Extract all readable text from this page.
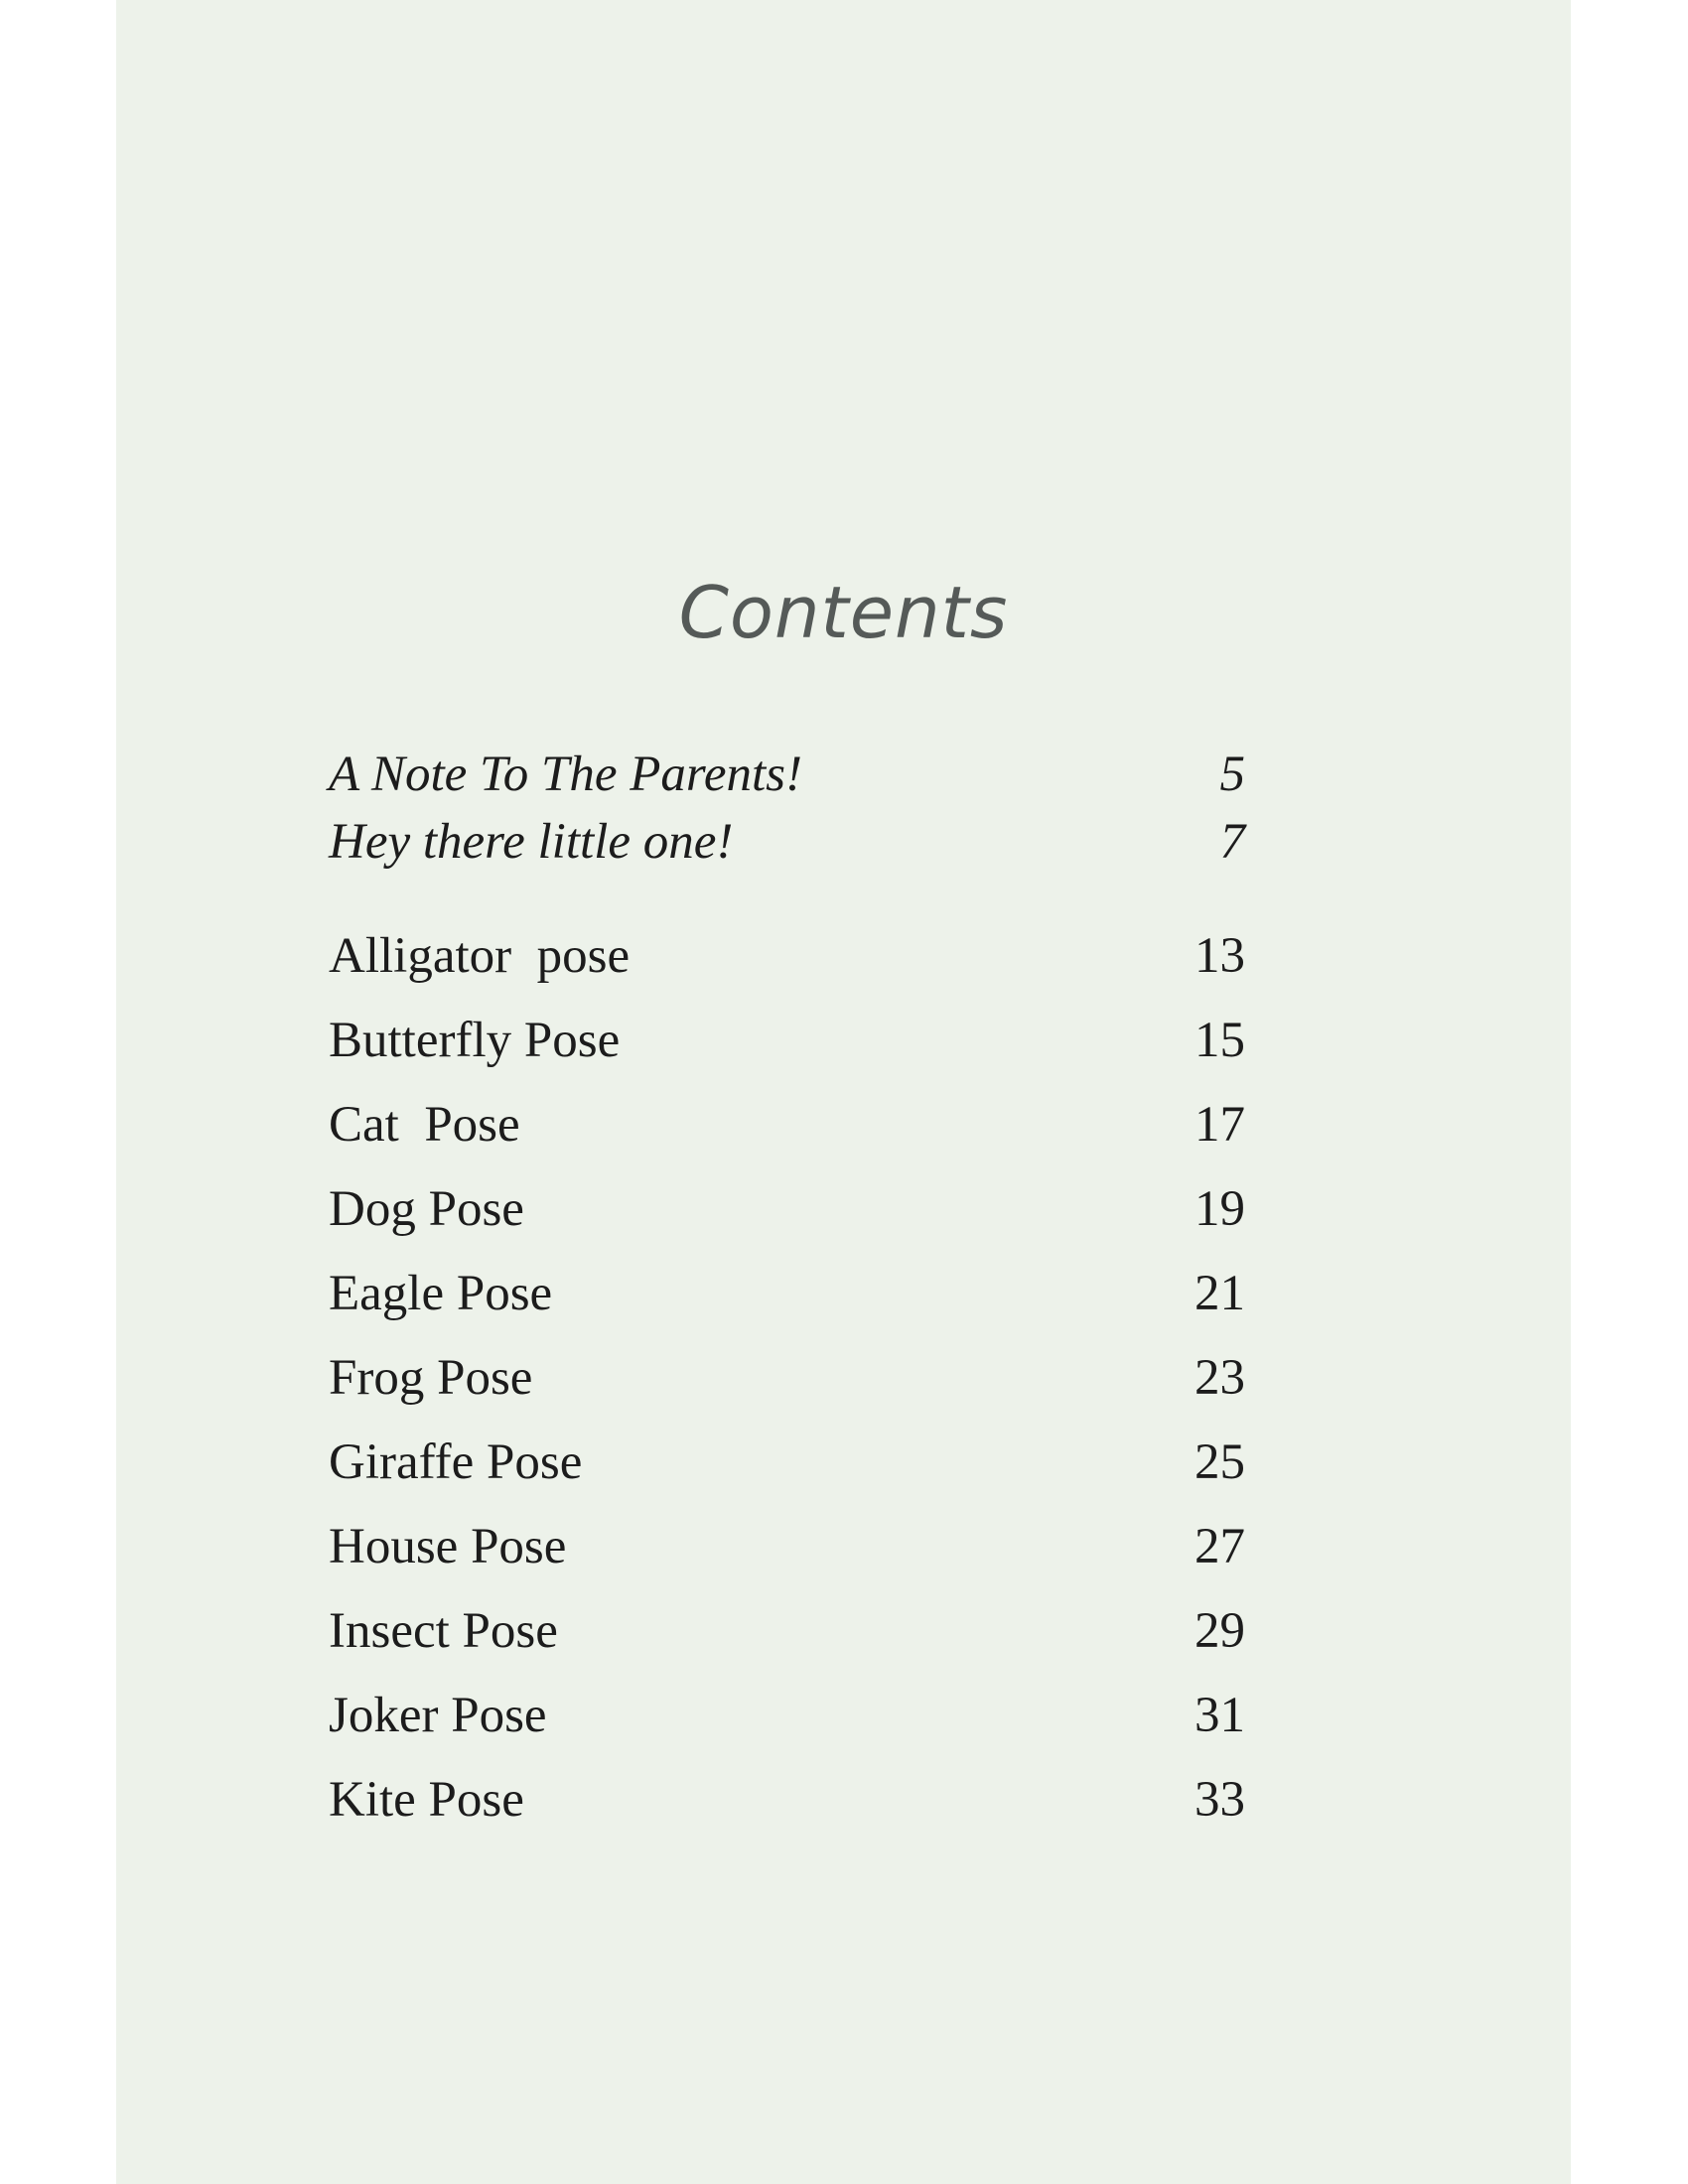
Contents
A Note To The Parents!	5
Hey there little one!	7
Alligator  pose	13
Butterfly Pose	15
Cat  Pose	17
Dog Pose	19
Eagle Pose	21
Frog Pose	23
Giraffe Pose	25
House Pose	27
Insect Pose	29
Joker Pose	31
Kite Pose	33
